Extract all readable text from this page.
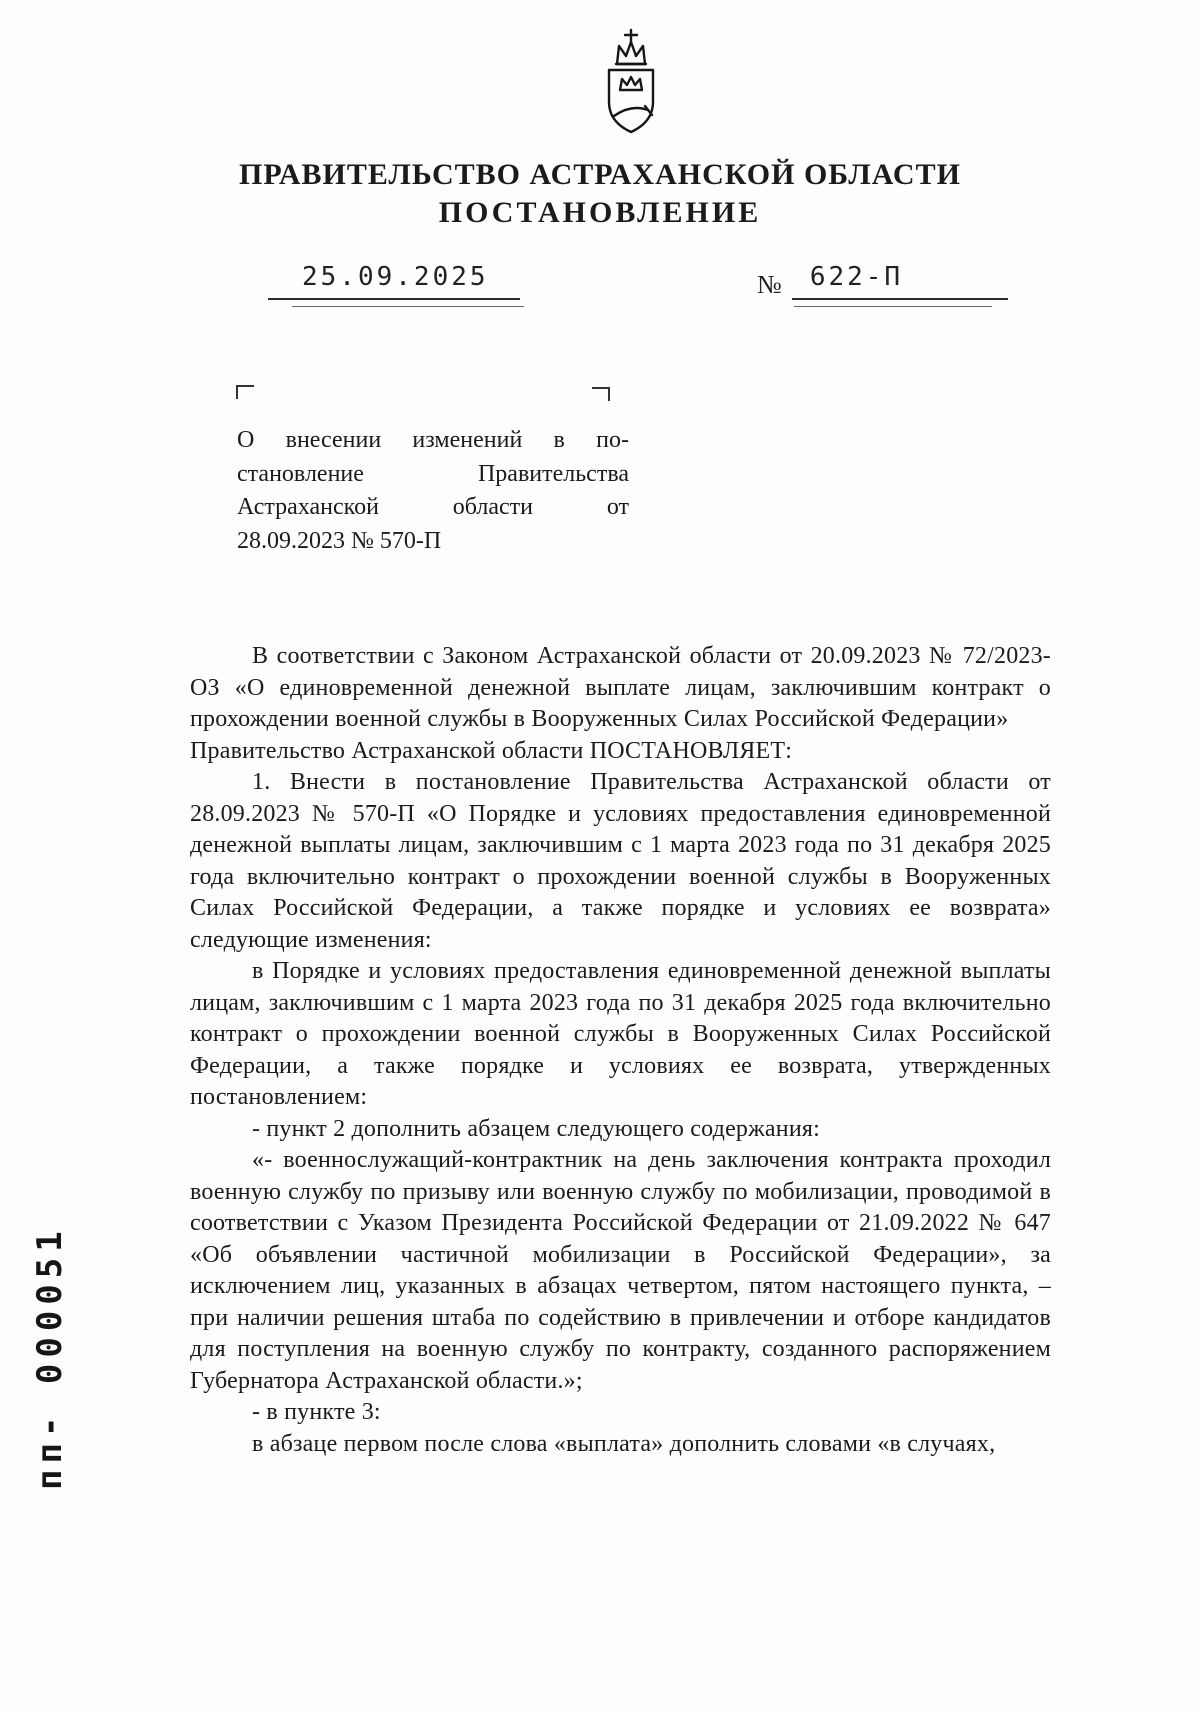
пп- 000051
ПРАВИТЕЛЬСТВО АСТРАХАНСКОЙ ОБЛАСТИ
ПОСТАНОВЛЕНИЕ
25.09.2025	№ 622-П
О внесении изменений в по-
становление Правительства
Астраханской области от
28.09.2023 № 570-П
В соответствии с Законом Астраханской области от 20.09.2023 № 72/2023-ОЗ «О единовременной денежной выплате лицам, заключившим контракт о прохождении военной службы в Вооруженных Силах Российской Федерации»
Правительство Астраханской области ПОСТАНОВЛЯЕТ:
1. Внести в постановление Правительства Астраханской области от 28.09.2023 № 570-П «О Порядке и условиях предоставления единовременной денежной выплаты лицам, заключившим с 1 марта 2023 года по 31 декабря 2025 года включительно контракт о прохождении военной службы в Вооруженных Силах Российской Федерации, а также порядке и условиях ее возврата» следующие изменения:
в Порядке и условиях предоставления единовременной денежной выплаты лицам, заключившим с 1 марта 2023 года по 31 декабря 2025 года включительно контракт о прохождении военной службы в Вооруженных Силах Российской Федерации, а также порядке и условиях ее возврата, утвержденных постановлением:
- пункт 2 дополнить абзацем следующего содержания:
«- военнослужащий-контрактник на день заключения контракта проходил военную службу по призыву или военную службу по мобилизации, проводимой в соответствии с Указом Президента Российской Федерации от 21.09.2022 № 647 «Об объявлении частичной мобилизации в Российской Федерации», за исключением лиц, указанных в абзацах четвертом, пятом настоящего пункта, – при наличии решения штаба по содействию в привлечении и отборе кандидатов для поступления на военную службу по контракту, созданного распоряжением Губернатора Астраханской области.»;
- в пункте 3:
в абзаце первом после слова «выплата» дополнить словами «в случаях,
